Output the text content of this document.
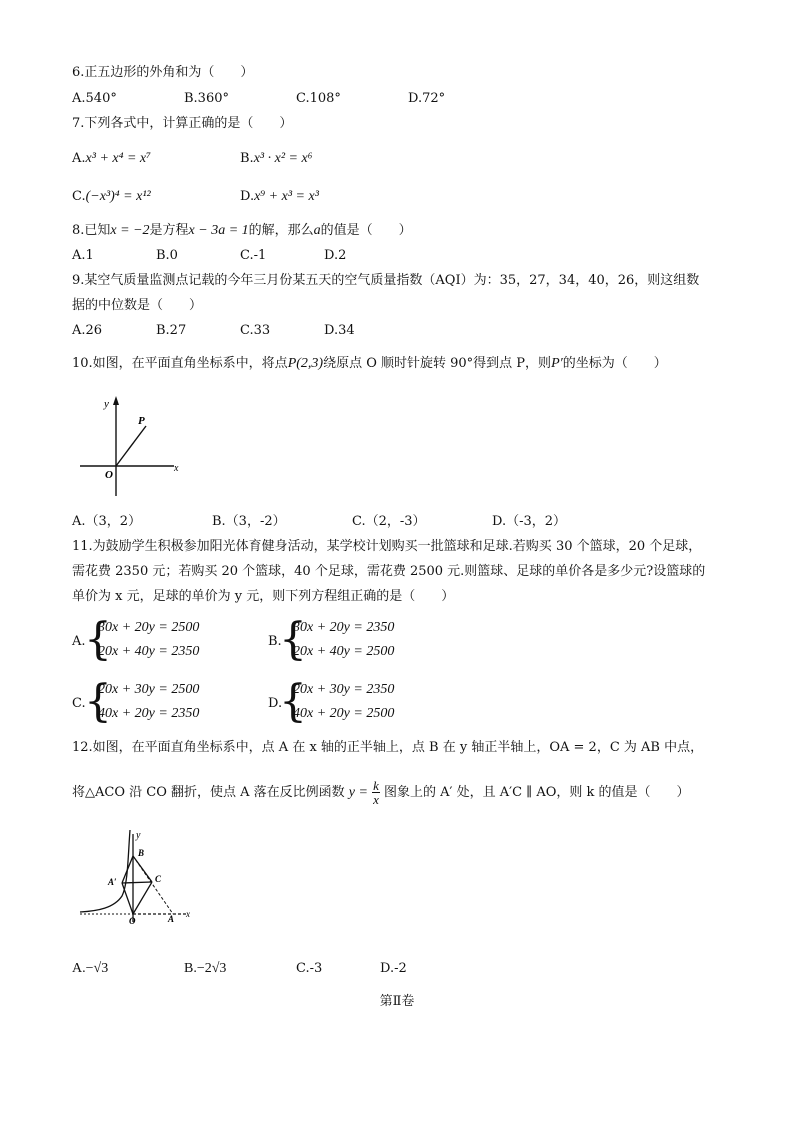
6.正五边形的外角和为（　　）
A.540°	B.360°	C.108°	D.72°
7.下列各式中，计算正确的是（　　）
A.x³ + x⁴ = x⁷	B.x³ · x² = x⁶
C.(−x³)⁴ = x¹²	D.x⁹ + x³ = x³
8.已知x = −2是方程x − 3a = 1的解，那么a的值是（　　）
A.1	B.0	C.-1	D.2
9.某空气质量监测点记载的今年三月份某五天的空气质量指数（AQI）为：35，27，34，40，26，则这组数
据的中位数是（　　）
A.26	B.27	C.33	D.34
10.如图，在平面直角坐标系中，将点P(2,3)绕原点 O 顺时针旋转 90°得到点 P，则P′的坐标为（　　）
y
x
O
P
A.（3，2）	B.（3，-2）	C.（2，-3）	D.（-3，2）
11.为鼓励学生积极参加阳光体育健身活动，某学校计划购买一批篮球和足球.若购买 30 个篮球，20 个足球，
需花费 2350 元；若购买 20 个篮球，40 个足球，需花费 2500 元.则篮球、足球的单价各是多少元?设篮球的
单价为 x 元，足球的单价为 y 元，则下列方程组正确的是（　　）
A.
{
30x + 20y = 2500
20x + 40y = 2350
B.
{
30x + 20y = 2350
20x + 40y = 2500
C.
{
20x + 30y = 2500
40x + 20y = 2350
D.
{
20x + 30y = 2350
40x + 20y = 2500
12.如图，在平面直角坐标系中，点 A 在 x 轴的正半轴上，点 B 在 y 轴正半轴上，OA = 2，C 为 AB 中点，
将△ACO 沿 CO 翻折，使点 A 落在反比例函数 $y = \frac{k}{x}$ 图象上的 A′ 处，且 A′C ∥ AO，则 k 的值是（　　）
y
B
A′	C
O	A x
A.−√3	B.−2√3	C.-3	D.-2
第Ⅱ卷
